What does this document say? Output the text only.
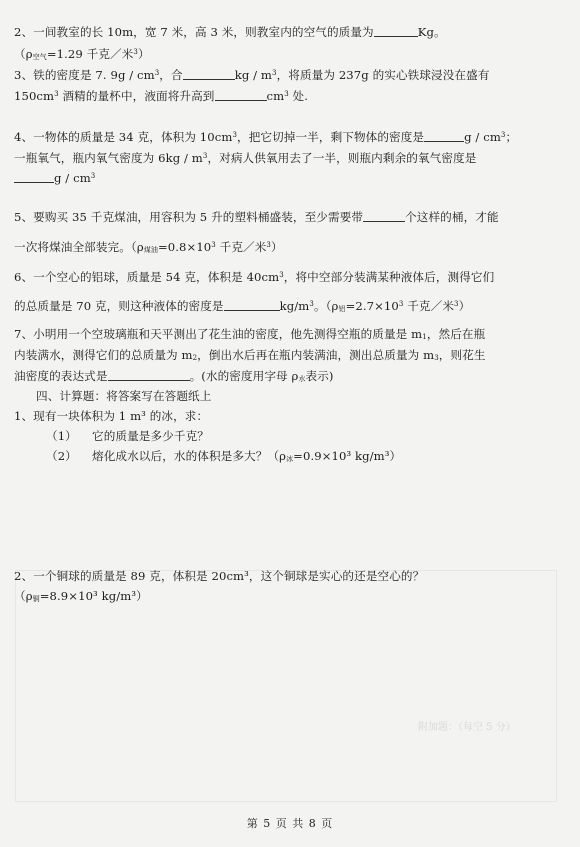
附加题：（每空 5 分）
2、一间教室的长 10m，宽 7 米，高 3 米，则教室内的空气的质量为	Kg。
（ρ空气=1.29 千克／米$^3$）
3、铁的密度是 7. $9g / cm^3$，合	kg / $m^3$，将质量为 237g 的实心铁球浸没在盛有
$150cm^3$ 酒精的量杯中，液面将升高到	$cm^3$ 处.
4、一物体的质量是 34 克，体积为 $10cm^3$，把它切掉一半，剩下物体的密度是	g / $cm^3$；
一瓶氧气，瓶内氧气密度为 $6kg / m^3$，对病人供氧用去了一半，则瓶内剩余的氧气密度是
g / $cm^3$
5、要购买 35 千克煤油，用容积为 5 升的塑料桶盛装，至少需要带	个这样的桶，才能
一次将煤油全部装完。（ρ煤油$=0.8\times 10^3$ 千克／米$^3$）
6、一个空心的铝球，质量是 54 克，体积是 $40cm^3$，将中空部分装满某种液体后，测得它们
的总质量是 70 克，则这种液体的密度是	$kg/m^3$。（ρ铝$=2.7\times 10^3$ 千克／米$^3$）
7、小明用一个空玻璃瓶和天平测出了花生油的密度，他先测得空瓶的质量是 m1，然后在瓶
内装满水，测得它们的总质量为 m2，倒出水后再在瓶内装满油，测出总质量为 m3，则花生
油密度的表达式是	。(水的密度用字母 ρ水表示)
四、计算题：将答案写在答题纸上
1、现有一块体积为 1 m³ 的冰，求：
（1） 它的质量是多少千克？
（2） 熔化成水以后，水的体积是多大？（ρ冰=0.9×10³ kg/m³）
2、一个铜球的质量是 89 克，体积是 20cm³，这个铜球是实心的还是空心的？
（ρ铜=8.9×10³ kg/m³）
第 5 页 共 8 页
